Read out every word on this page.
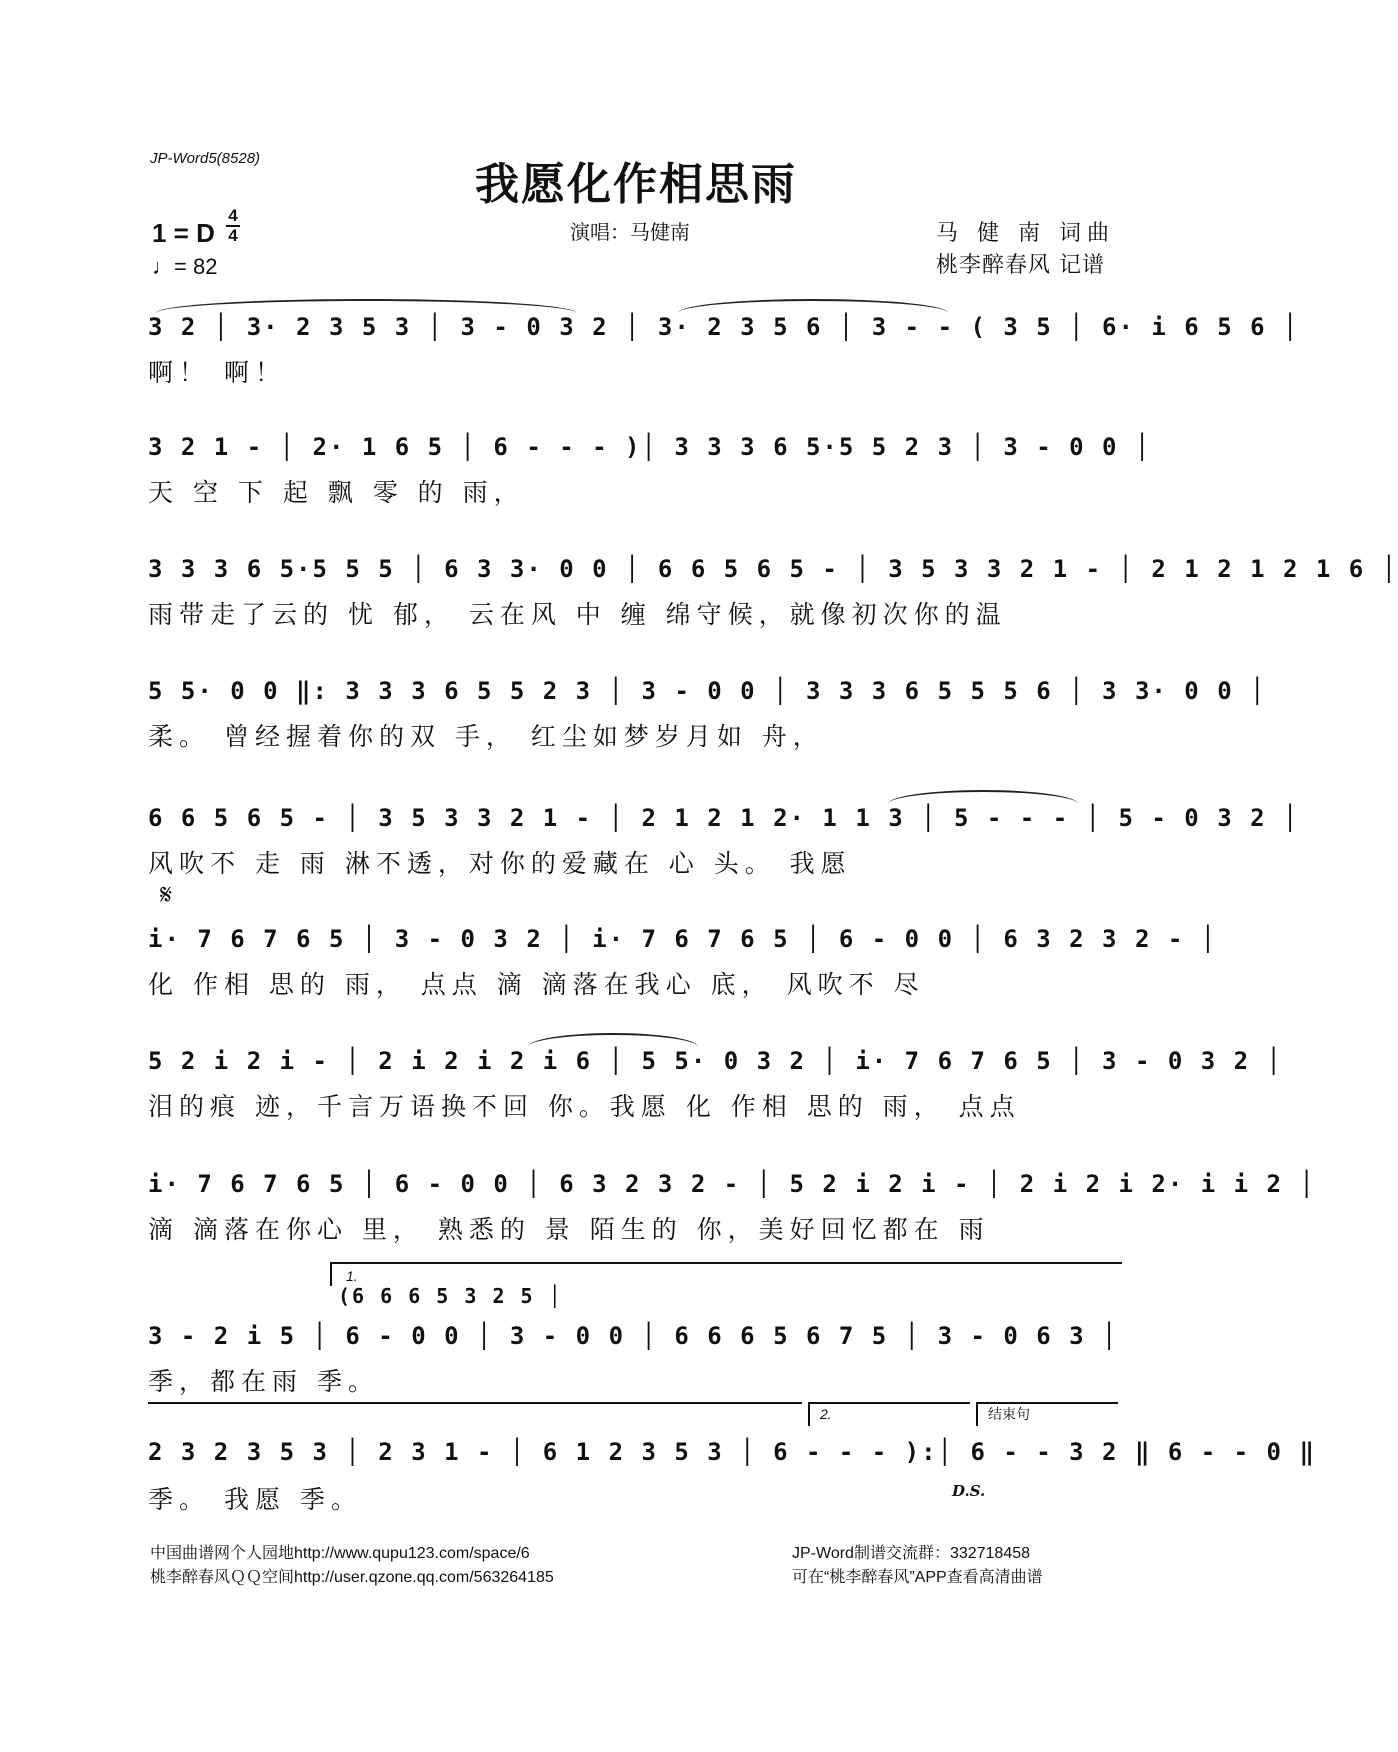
JP-Word5(8528)
我愿化作相思雨
1 = D
4
4
♩= 82
演唱：马健南	马 健 南 词曲
桃李醉春风 记谱
3 2 │ 3· 2 3 5 3 │ 3 - 0 3 2 │ 3· 2 3 5 6 │ 3 - - ( 3 5 │ 6· i 6 5 6 │
啊！ 啊！
3 2 1 - │ 2· 1 6 5 │ 6 - - - )│ 3 3 3 6 5·5 5 2 3 │ 3 - 0 0 │
天 空 下 起 飘 零 的 雨，
3 3 3 6 5·5 5 5 │ 6 3 3· 0 0 │ 6 6 5 6 5 - │ 3 5 3 3 2 1 - │ 2 1 2 1 2 1 6 │
雨带走了云的 忧 郁， 云在风 中 缠 绵守候，就像初次你的温
5 5· 0 0 ‖: 3 3 3 6 5 5 2 3 │ 3 - 0 0 │ 3 3 3 6 5 5 5 6 │ 3 3· 0 0 │
柔。 曾经握着你的双 手， 红尘如梦岁月如 舟，
6 6 5 6 5 - │ 3 5 3 3 2 1 - │ 2 1 2 1 2· 1 1 3 │ 5 - - - │ 5 - 0 3 2 │
风吹不 走 雨 淋不透，对你的爱藏在 心 头。 我愿
𝄋
i· 7 6 7 6 5 │ 3 - 0 3 2 │ i· 7 6 7 6 5 │ 6 - 0 0 │ 6 3 2 3 2 - │
化 作相 思的 雨， 点点 滴 滴落在我心 底， 风吹不 尽
5 2 i 2 i - │ 2 i 2 i 2 i 6 │ 5 5· 0 3 2 │ i· 7 6 7 6 5 │ 3 - 0 3 2 │
泪的痕 迹，千言万语换不回 你。我愿 化 作相 思的 雨， 点点
i· 7 6 7 6 5 │ 6 - 0 0 │ 6 3 2 3 2 - │ 5 2 i 2 i - │ 2 i 2 i 2· i i 2 │
滴 滴落在你心 里， 熟悉的 景 陌生的 你，美好回忆都在 雨
1.
(6 6 6 5 3 2 5 │
3 - 2 i 5 │ 6 - 0 0 │ 3 - 0 0 │ 6 6 6 5 6 7 5 │ 3 - 0 6 3 │
季，都在雨 季。
2.	结束句
2 3 2 3 5 3 │ 2 3 1 - │ 6 1 2 3 5 3 │ 6 - - - ):│ 6 - - 3 2 ‖ 6 - - 0 ‖
季。 我愿 季。	D.S.
中国曲谱网个人园地http://www.qupu123.com/space/6
桃李醉春风ＱＱ空间http://user.qzone.qq.com/563264185
JP-Word制谱交流群：332718458
可在“桃李醉春风”APP查看高清曲谱
